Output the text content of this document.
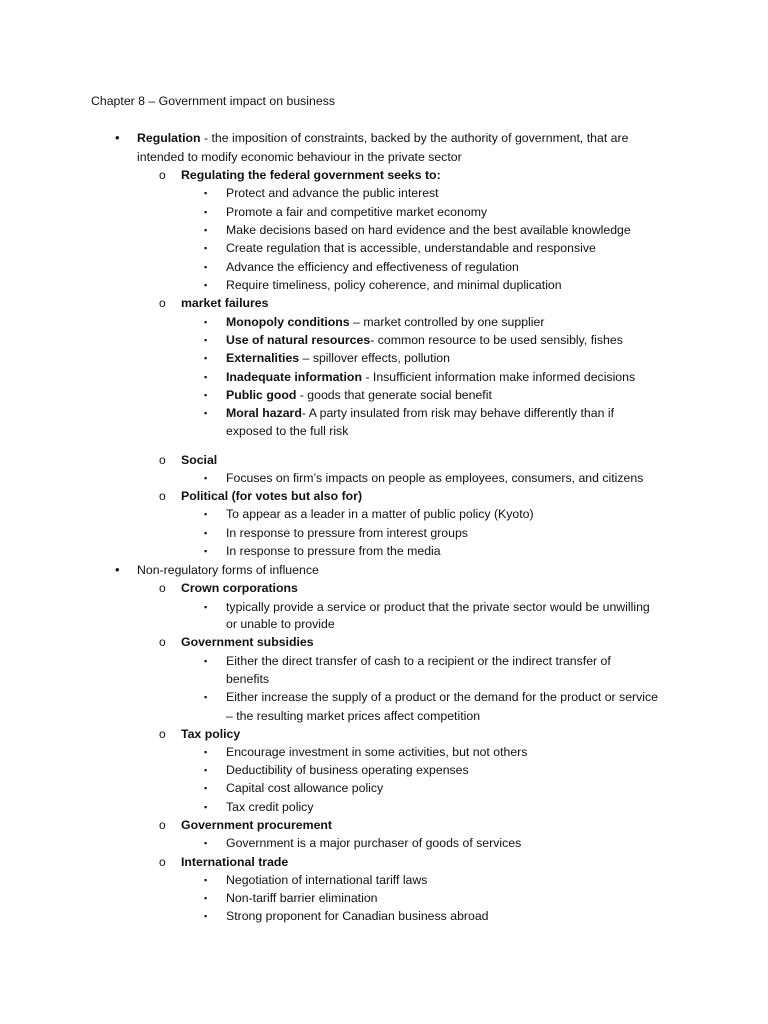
Chapter 8 – Government impact on business
• Regulation - the imposition of constraints, backed by the authority of government, that are
intended to modify economic behaviour in the private sector
o Regulating the federal government seeks to:
▪ Protect and advance the public interest
▪ Promote a fair and competitive market economy
▪ Make decisions based on hard evidence and the best available knowledge
▪ Create regulation that is accessible, understandable and responsive
▪ Advance the efficiency and effectiveness of regulation
▪ Require timeliness, policy coherence, and minimal duplication
o market failures
▪ Monopoly conditions – market controlled by one supplier
▪ Use of natural resources- common resource to be used sensibly, fishes
▪ Externalities – spillover effects, pollution
▪ Inadequate information - Insufficient information make informed decisions
▪ Public good - goods that generate social benefit
▪ Moral hazard- A party insulated from risk may behave differently than if
exposed to the full risk
o Social
▪ Focuses on firm’s impacts on people as employees, consumers, and citizens
o Political (for votes but also for)
▪ To appear as a leader in a matter of public policy (Kyoto)
▪ In response to pressure from interest groups
▪ In response to pressure from the media
• Non-regulatory forms of influence
o Crown corporations
▪ typically provide a service or product that the private sector would be unwilling
or unable to provide
o Government subsidies
▪ Either the direct transfer of cash to a recipient or the indirect transfer of
benefits
▪ Either increase the supply of a product or the demand for the product or service
– the resulting market prices affect competition
o Tax policy
▪ Encourage investment in some activities, but not others
▪ Deductibility of business operating expenses
▪ Capital cost allowance policy
▪ Tax credit policy
o Government procurement
▪ Government is a major purchaser of goods of services
o International trade
▪ Negotiation of international tariff laws
▪ Non-tariff barrier elimination
▪ Strong proponent for Canadian business abroad
